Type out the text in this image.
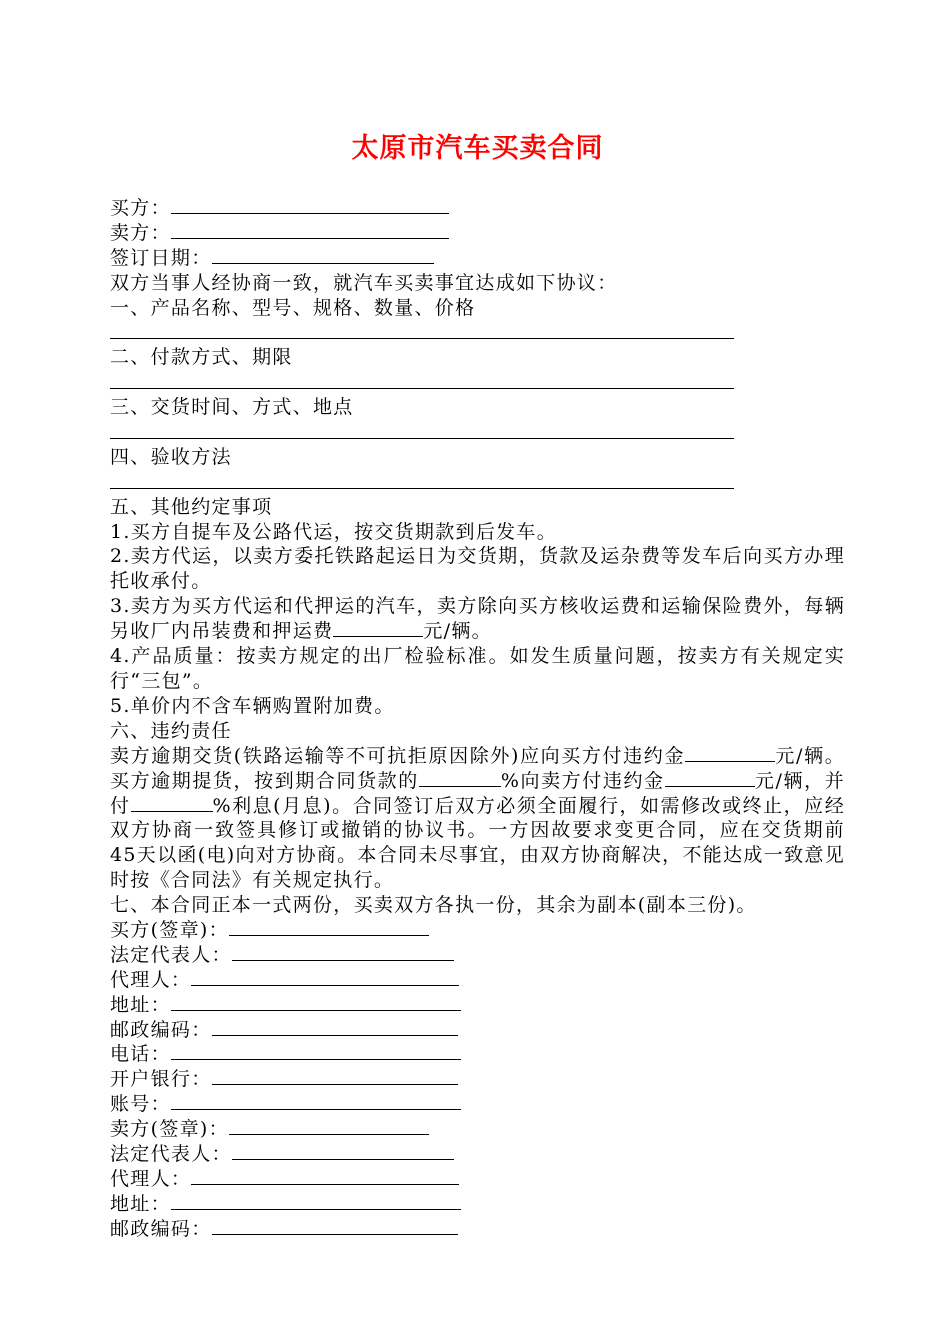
太原市汽车买卖合同
买方：
卖方：
签订日期：
双方当事人经协商一致，就汽车买卖事宜达成如下协议：
一、产品名称、型号、规格、数量、价格
二、付款方式、期限
三、交货时间、方式、地点
四、验收方法
五、其他约定事项
1.买方自提车及公路代运，按交货期款到后发车。
2.卖方代运，以卖方委托铁路起运日为交货期，货款及运杂费等发车后向买方办理托收承付。
3.卖方为买方代运和代押运的汽车，卖方除向买方核收运费和运输保险费外，每辆另收厂内吊装费和押运费	元/辆。
4.产品质量：按卖方规定的出厂检验标准。如发生质量问题，按卖方有关规定实行“三包”。
5.单价内不含车辆购置附加费。
六、违约责任
卖方逾期交货(铁路运输等不可抗拒原因除外)应向买方付违约金	元/辆。买方逾期提货，按到期合同货款的	%向卖方付违约金	元/辆，并付	%利息(月息)。合同签订后双方必须全面履行，如需修改或终止，应经双方协商一致签具修订或撤销的协议书。一方因故要求变更合同，应在交货期前45天以函(电)向对方协商。本合同未尽事宜，由双方协商解决，不能达成一致意见时按《合同法》有关规定执行。
七、本合同正本一式两份，买卖双方各执一份，其余为副本(副本三份)。
买方(签章)：
法定代表人：
代理人：
地址：
邮政编码：
电话：
开户银行：
账号：
卖方(签章)：
法定代表人：
代理人：
地址：
邮政编码：
